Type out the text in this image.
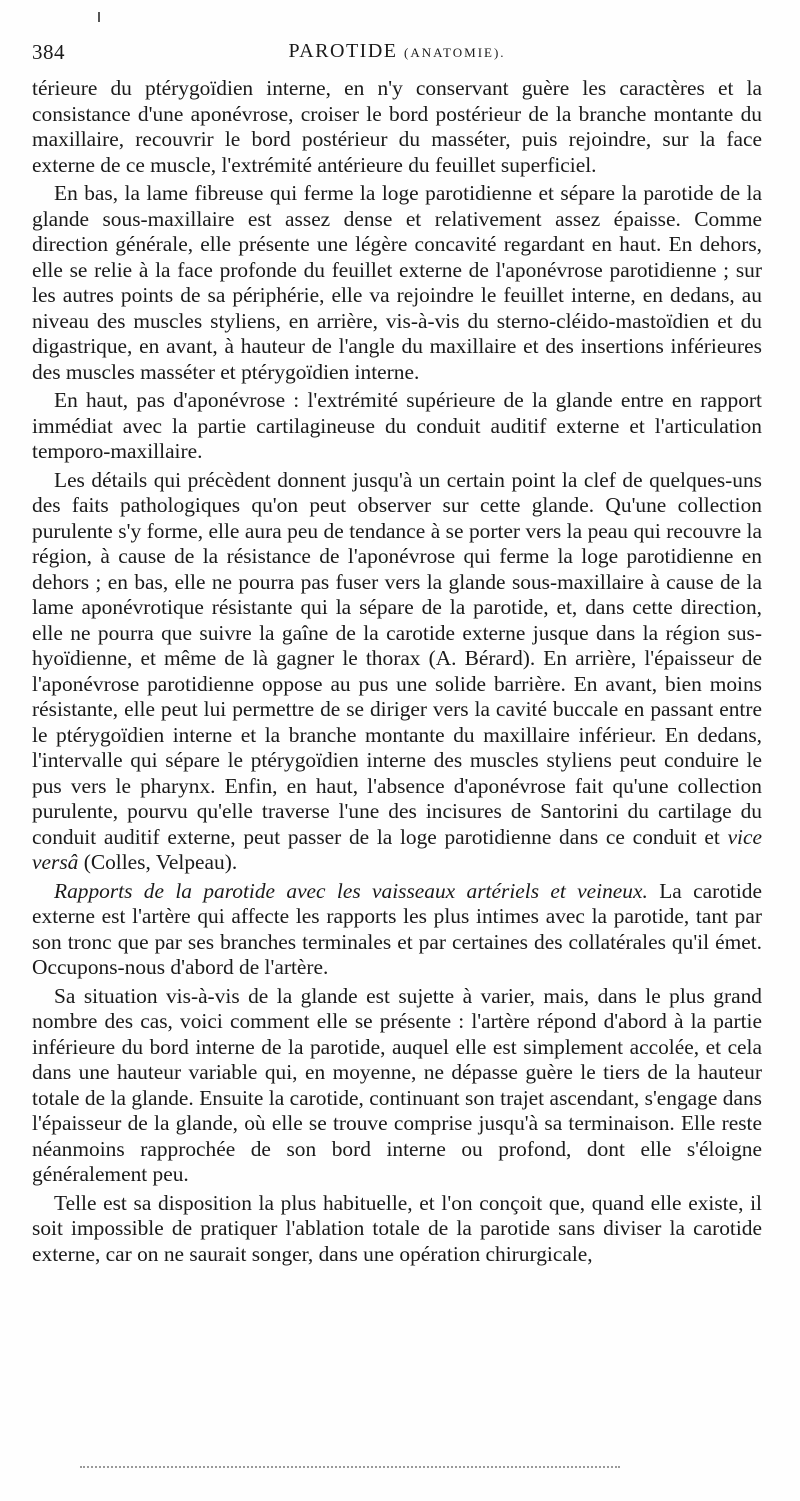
384	PAROTIDE (ANATOMIE).

térieure du ptérygoïdien interne, en n'y conservant guère les caractères et la consistance d'une aponévrose, croiser le bord postérieur de la branche montante du maxillaire, recouvrir le bord postérieur du masséter, puis rejoindre, sur la face externe de ce muscle, l'extrémité antérieure du feuillet superficiel.

En bas, la lame fibreuse qui ferme la loge parotidienne et sépare la parotide de la glande sous-maxillaire est assez dense et relativement assez épaisse. Comme direction générale, elle présente une légère concavité regardant en haut. En dehors, elle se relie à la face profonde du feuillet externe de l'aponévrose parotidienne ; sur les autres points de sa périphérie, elle va rejoindre le feuillet interne, en dedans, au niveau des muscles styliens, en arrière, vis-à-vis du sterno-cléido-mastoïdien et du digastrique, en avant, à hauteur de l'angle du maxillaire et des insertions inférieures des muscles masséter et ptérygoïdien interne.

En haut, pas d'aponévrose : l'extrémité supérieure de la glande entre en rapport immédiat avec la partie cartilagineuse du conduit auditif externe et l'articulation temporo-maxillaire.

Les détails qui précèdent donnent jusqu'à un certain point la clef de quelques-uns des faits pathologiques qu'on peut observer sur cette glande. Qu'une collection purulente s'y forme, elle aura peu de tendance à se porter vers la peau qui recouvre la région, à cause de la résistance de l'aponévrose qui ferme la loge parotidienne en dehors ; en bas, elle ne pourra pas fuser vers la glande sous-maxillaire à cause de la lame aponévrotique résistante qui la sépare de la parotide, et, dans cette direction, elle ne pourra que suivre la gaîne de la carotide externe jusque dans la région sus-hyoïdienne, et même de là gagner le thorax (A. Bérard). En arrière, l'épaisseur de l'aponévrose parotidienne oppose au pus une solide barrière. En avant, bien moins résistante, elle peut lui permettre de se diriger vers la cavité buccale en passant entre le ptérygoïdien interne et la branche montante du maxillaire inférieur. En dedans, l'intervalle qui sépare le ptérygoïdien interne des muscles styliens peut conduire le pus vers le pharynx. Enfin, en haut, l'absence d'aponévrose fait qu'une collection purulente, pourvu qu'elle traverse l'une des incisures de Santorini du cartilage du conduit auditif externe, peut passer de la loge parotidienne dans ce conduit et vice versâ (Colles, Velpeau).

Rapports de la parotide avec les vaisseaux artériels et veineux. La carotide externe est l'artère qui affecte les rapports les plus intimes avec la parotide, tant par son tronc que par ses branches terminales et par certaines des collatérales qu'il émet. Occupons-nous d'abord de l'artère.

Sa situation vis-à-vis de la glande est sujette à varier, mais, dans le plus grand nombre des cas, voici comment elle se présente : l'artère répond d'abord à la partie inférieure du bord interne de la parotide, auquel elle est simplement accolée, et cela dans une hauteur variable qui, en moyenne, ne dépasse guère le tiers de la hauteur totale de la glande. Ensuite la carotide, continuant son trajet ascendant, s'engage dans l'épaisseur de la glande, où elle se trouve comprise jusqu'à sa terminaison. Elle reste néanmoins rapprochée de son bord interne ou profond, dont elle s'éloigne généralement peu.

Telle est sa disposition la plus habituelle, et l'on conçoit que, quand elle existe, il soit impossible de pratiquer l'ablation totale de la parotide sans diviser la carotide externe, car on ne saurait songer, dans une opération chirurgicale,
